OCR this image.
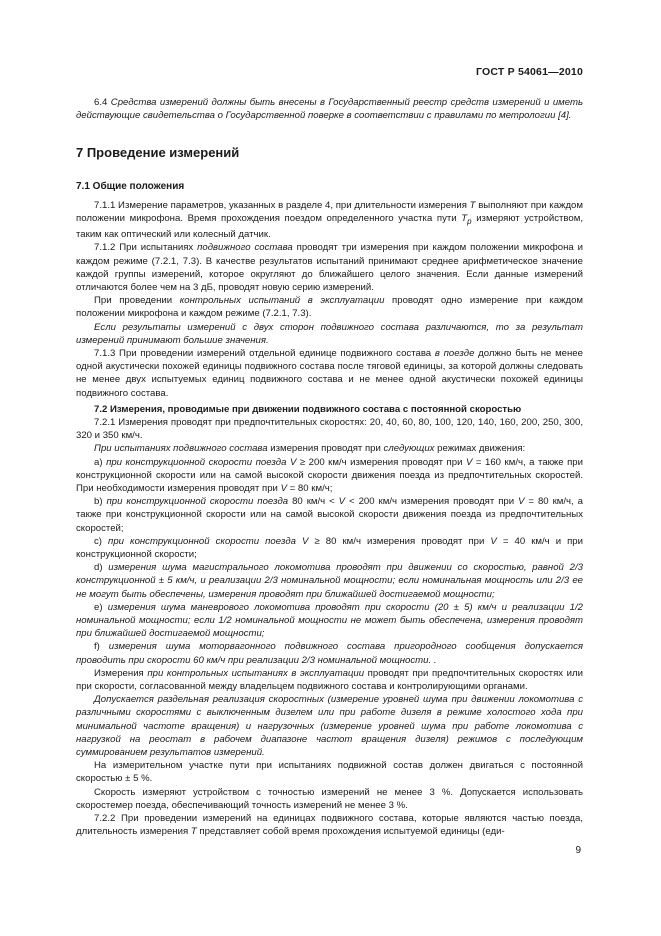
ГОСТ Р 54061—2010

6.4 Средства измерений должны быть внесены в Государственный реестр средств измерений и иметь действующие свидетельства о Государственной поверке в соответствии с правилами по метрологии [4].

7 Проведение измерений
7.1 Общие положения

7.1.1 Измерение параметров, указанных в разделе 4, при длительности измерения T выполняют при каждом положении микрофона. Время прохождения поездом определенного участка пути $T_p$ измеряют устройством, таким как оптический или колесный датчик.

7.1.2 При испытаниях подвижного состава проводят три измерения при каждом положении микрофона и каждом режиме (7.2.1, 7.3). В качестве результатов испытаний принимают среднее арифметическое значение каждой группы измерений, которое округляют до ближайшего целого значения. Если данные измерений отличаются более чем на 3 дБ, проводят новую серию измерений.

При проведении контрольных испытаний в эксплуатации проводят одно измерение при каждом положении микрофона и каждом режиме (7.2.1, 7.3).

Если результаты измерений с двух сторон подвижного состава различаются, то за результат измерений принимают большие значения.

7.1.3 При проведении измерений отдельной единице подвижного состава в поезде должно быть не менее одной акустически похожей единицы подвижного состава после тяговой единицы, за которой должны следовать не менее двух испытуемых единиц подвижного состава и не менее одной акустически похожей единицы подвижного состава.

7.2 Измерения, проводимые при движении подвижного состава с постоянной скоростью

7.2.1 Измерения проводят при предпочтительных скоростях: 20, 40, 60, 80, 100, 120, 140, 160, 200, 250, 300, 320 и 350 км/ч.

При испытаниях подвижного состава измерения проводят при следующих режимах движения:

a) при конструкционной скорости поезда V ≥ 200 км/ч измерения проводят при V = 160 км/ч, а также при конструкционной скорости или на самой высокой скорости движения поезда из предпочтительных скоростей. При необходимости измерения проводят при V = 80 км/ч;

b) при конструкционной скорости поезда 80 км/ч < V < 200 км/ч измерения проводят при V = 80 км/ч, а также при конструкционной скорости или на самой высокой скорости движения поезда из предпочтительных скоростей;

c) при конструкционной скорости поезда V ≥ 80 км/ч измерения проводят при V = 40 км/ч и при конструкционной скорости;

d) измерения шума магистрального локомотива проводят при движении со скоростью, равной 2/3 конструкционной ± 5 км/ч, и реализации 2/3 номинальной мощности; если номинальная мощность или 2/3 ее не могут быть обеспечены, измерения проводят при ближайшей достигаемой мощности;

e) измерения шума маневрового локомотива проводят при скорости (20 ± 5) км/ч и реализации 1/2 номинальной мощности; если 1/2 номинальной мощности не может быть обеспечена, измерения проводят при ближайшей достигаемой мощности;

f) измерения шума моторвагонного подвижного состава пригородного сообщения допускается проводить при скорости 60 км/ч при реализации 2/3 номинальной мощности. .

Измерения при контрольных испытаниях в эксплуатации проводят при предпочтительных скоростях или при скорости, согласованной между владельцем подвижного состава и контролирующими органами.

Допускается раздельная реализация скоростных (измерение уровней шума при движении локомотива с различными скоростями с выключенным дизелем или при работе дизеля в режиме холостого хода при минимальной частоте вращения) и нагрузочных (измерение уровней шума при работе локомотива с нагрузкой на реостат в рабочем диапазоне частот вращения дизеля) режимов с последующим суммированием результатов измерений.

На измерительном участке пути при испытаниях подвижной состав должен двигаться с постоянной скоростью ± 5 %.

Скорость измеряют устройством с точностью измерений не менее 3 %. Допускается использовать скоростемер поезда, обеспечивающий точность измерений не менее 3 %.

7.2.2 При проведении измерений на единицах подвижного состава, которые являются частью поезда, длительность измерения T представляет собой время прохождения испытуемой единицы (еди-

9
